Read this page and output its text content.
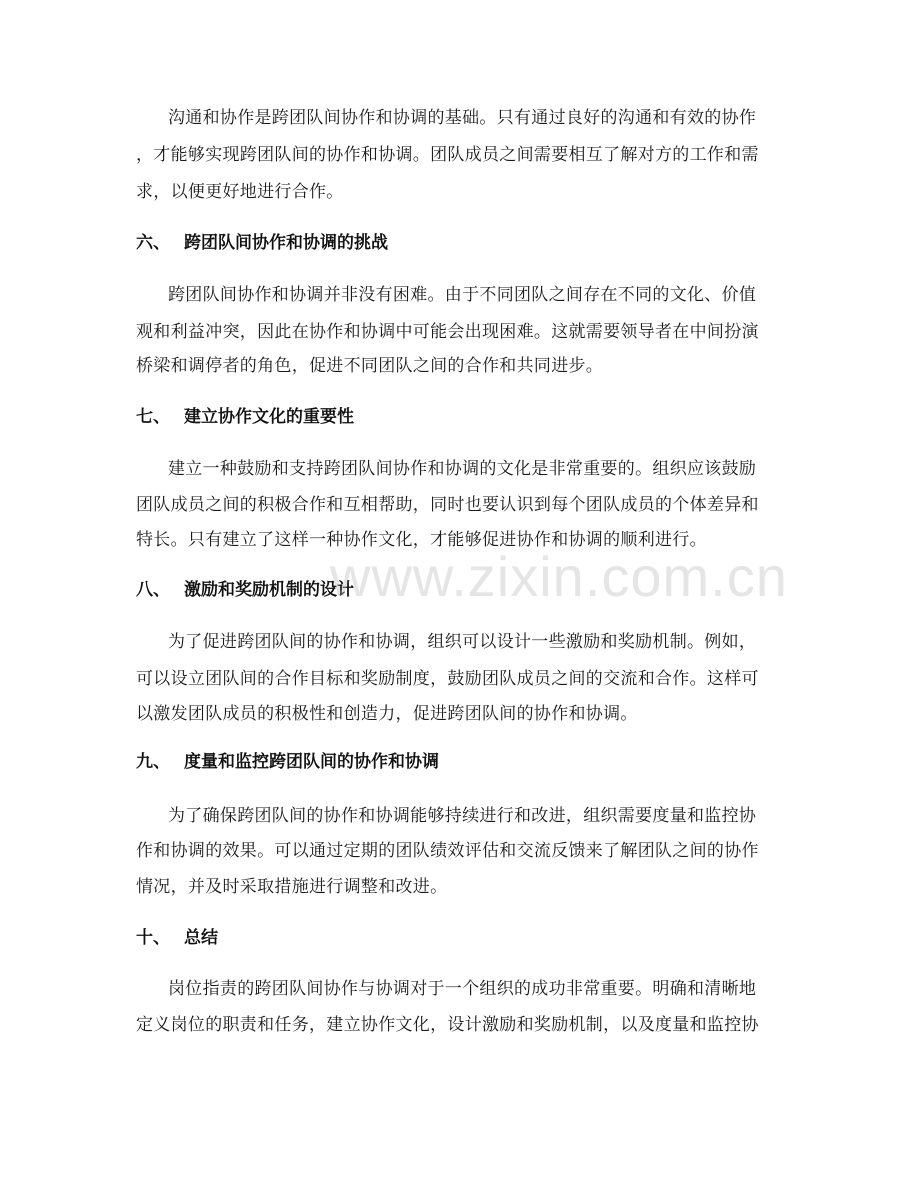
沟通和协作是跨团队间协作和协调的基础。只有通过良好的沟通和有效的协作
，才能够实现跨团队间的协作和协调。团队成员之间需要相互了解对方的工作和需
求，以便更好地进行合作。
六、 跨团队间协作和协调的挑战
跨团队间协作和协调并非没有困难。由于不同团队之间存在不同的文化、价值
观和利益冲突，因此在协作和协调中可能会出现困难。这就需要领导者在中间扮演
桥梁和调停者的角色，促进不同团队之间的合作和共同进步。
七、 建立协作文化的重要性
建立一种鼓励和支持跨团队间协作和协调的文化是非常重要的。组织应该鼓励
团队成员之间的积极合作和互相帮助，同时也要认识到每个团队成员的个体差异和
特长。只有建立了这样一种协作文化，才能够促进协作和协调的顺利进行。
八、 激励和奖励机制的设计
为了促进跨团队间的协作和协调，组织可以设计一些激励和奖励机制。例如，
可以设立团队间的合作目标和奖励制度，鼓励团队成员之间的交流和合作。这样可
以激发团队成员的积极性和创造力，促进跨团队间的协作和协调。
九、 度量和监控跨团队间的协作和协调
为了确保跨团队间的协作和协调能够持续进行和改进，组织需要度量和监控协
作和协调的效果。可以通过定期的团队绩效评估和交流反馈来了解团队之间的协作
情况，并及时采取措施进行调整和改进。
十、 总结
岗位指责的跨团队间协作与协调对于一个组织的成功非常重要。明确和清晰地
定义岗位的职责和任务，建立协作文化，设计激励和奖励机制，以及度量和监控协
www.zixin.com.cn
